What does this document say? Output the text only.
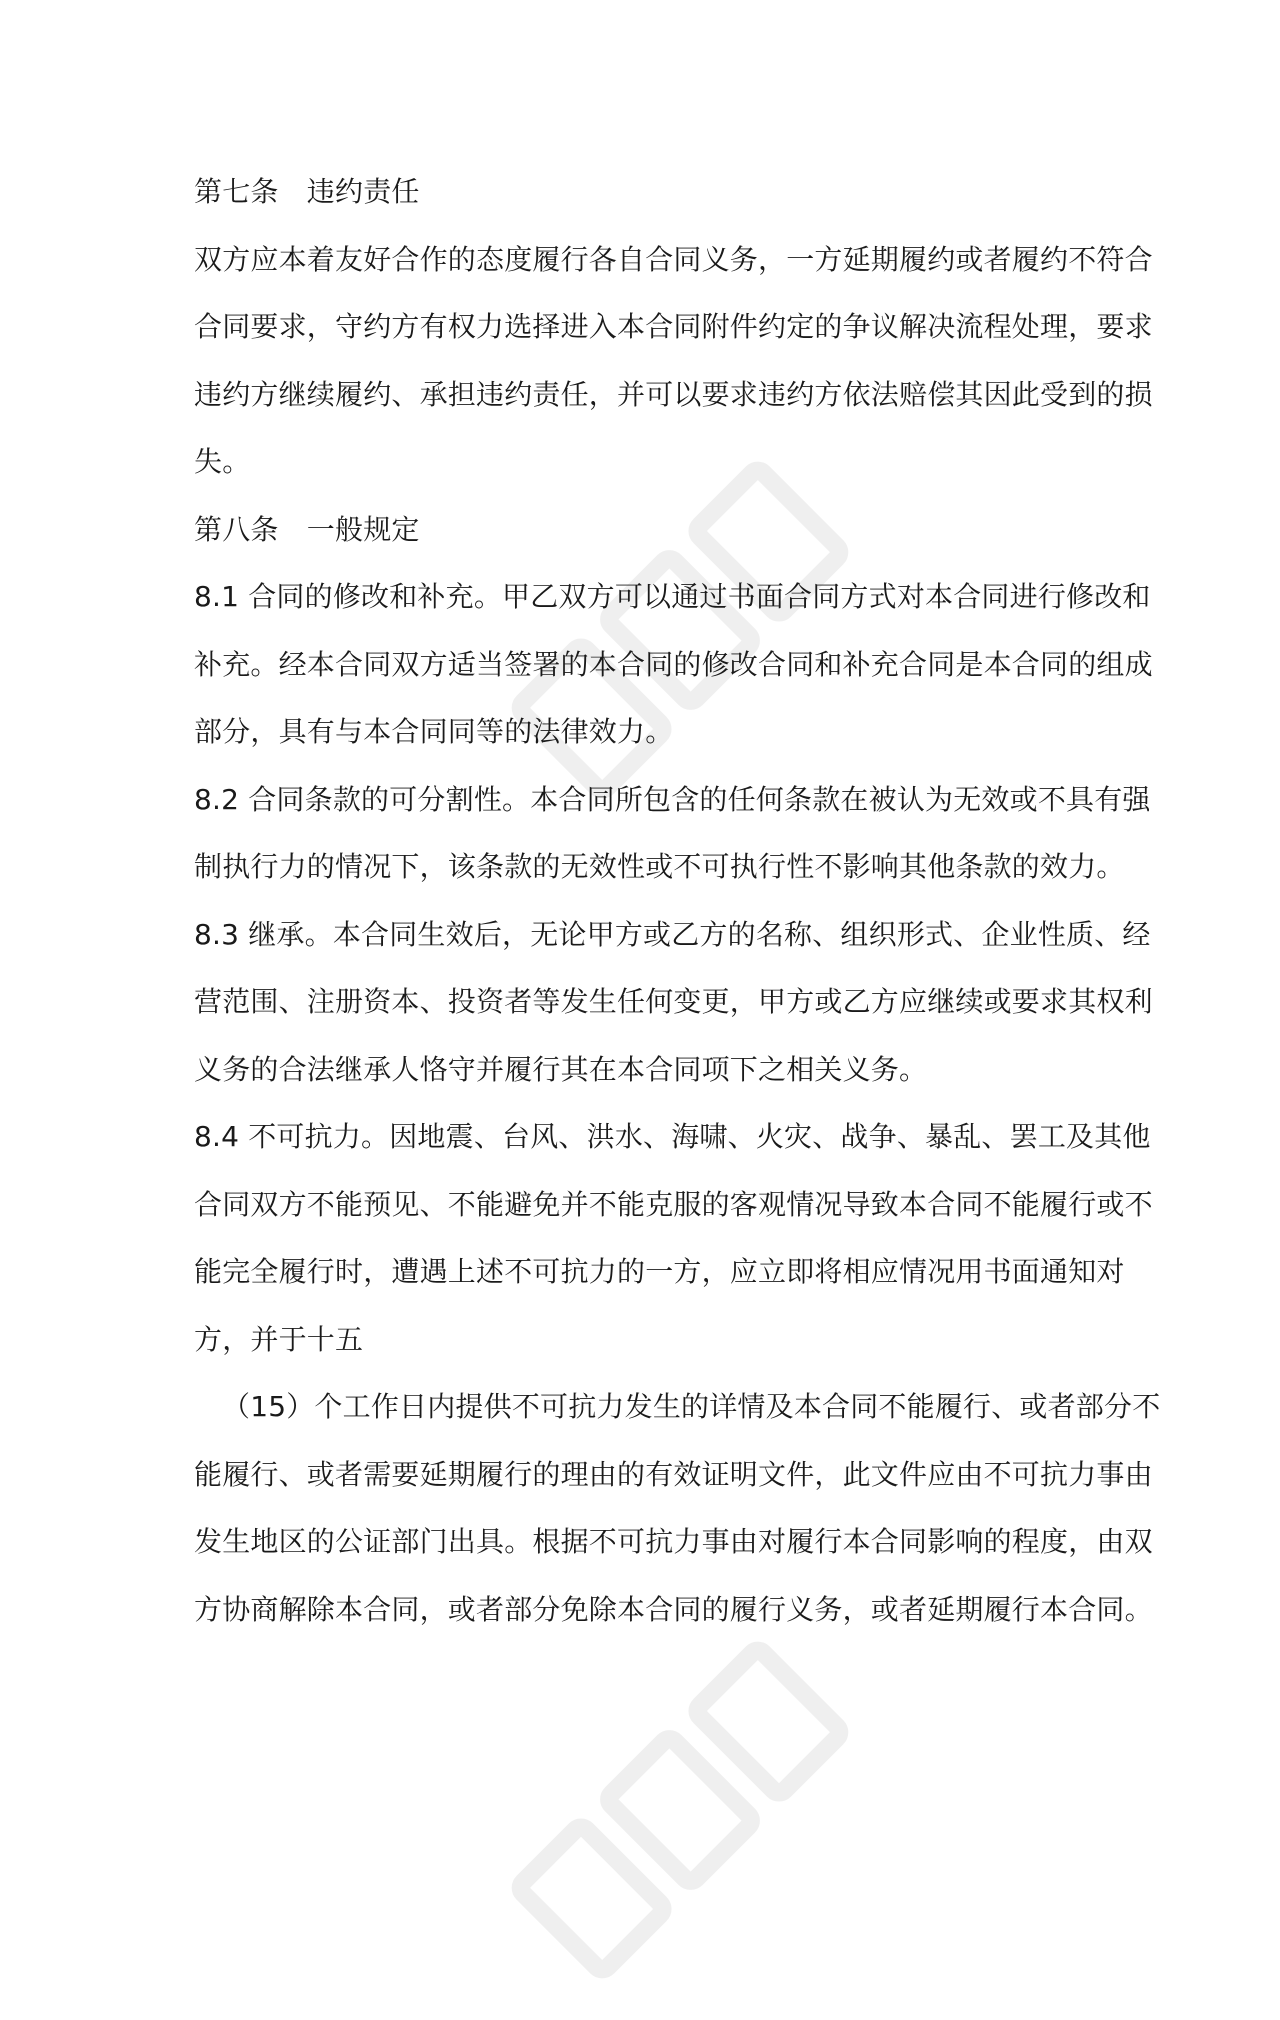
第七条　违约责任
双方应本着友好合作的态度履行各自合同义务，一方延期履约或者履约不符合
合同要求，守约方有权力选择进入本合同附件约定的争议解决流程处理，要求
违约方继续履约、承担违约责任，并可以要求违约方依法赔偿其因此受到的损
失。
第八条　一般规定
8.1 合同的修改和补充。甲乙双方可以通过书面合同方式对本合同进行修改和
补充。经本合同双方适当签署的本合同的修改合同和补充合同是本合同的组成
部分，具有与本合同同等的法律效力。
8.2 合同条款的可分割性。本合同所包含的任何条款在被认为无效或不具有强
制执行力的情况下，该条款的无效性或不可执行性不影响其他条款的效力。
8.3 继承。本合同生效后，无论甲方或乙方的名称、组织形式、企业性质、经
营范围、注册资本、投资者等发生任何变更，甲方或乙方应继续或要求其权利
义务的合法继承人恪守并履行其在本合同项下之相关义务。
8.4 不可抗力。因地震、台风、洪水、海啸、火灾、战争、暴乱、罢工及其他
合同双方不能预见、不能避免并不能克服的客观情况导致本合同不能履行或不
能完全履行时，遭遇上述不可抗力的一方，应立即将相应情况用书面通知对
方，并于十五
（15）个工作日内提供不可抗力发生的详情及本合同不能履行、或者部分不
能履行、或者需要延期履行的理由的有效证明文件，此文件应由不可抗力事由
发生地区的公证部门出具。根据不可抗力事由对履行本合同影响的程度，由双
方协商解除本合同，或者部分免除本合同的履行义务，或者延期履行本合同。
